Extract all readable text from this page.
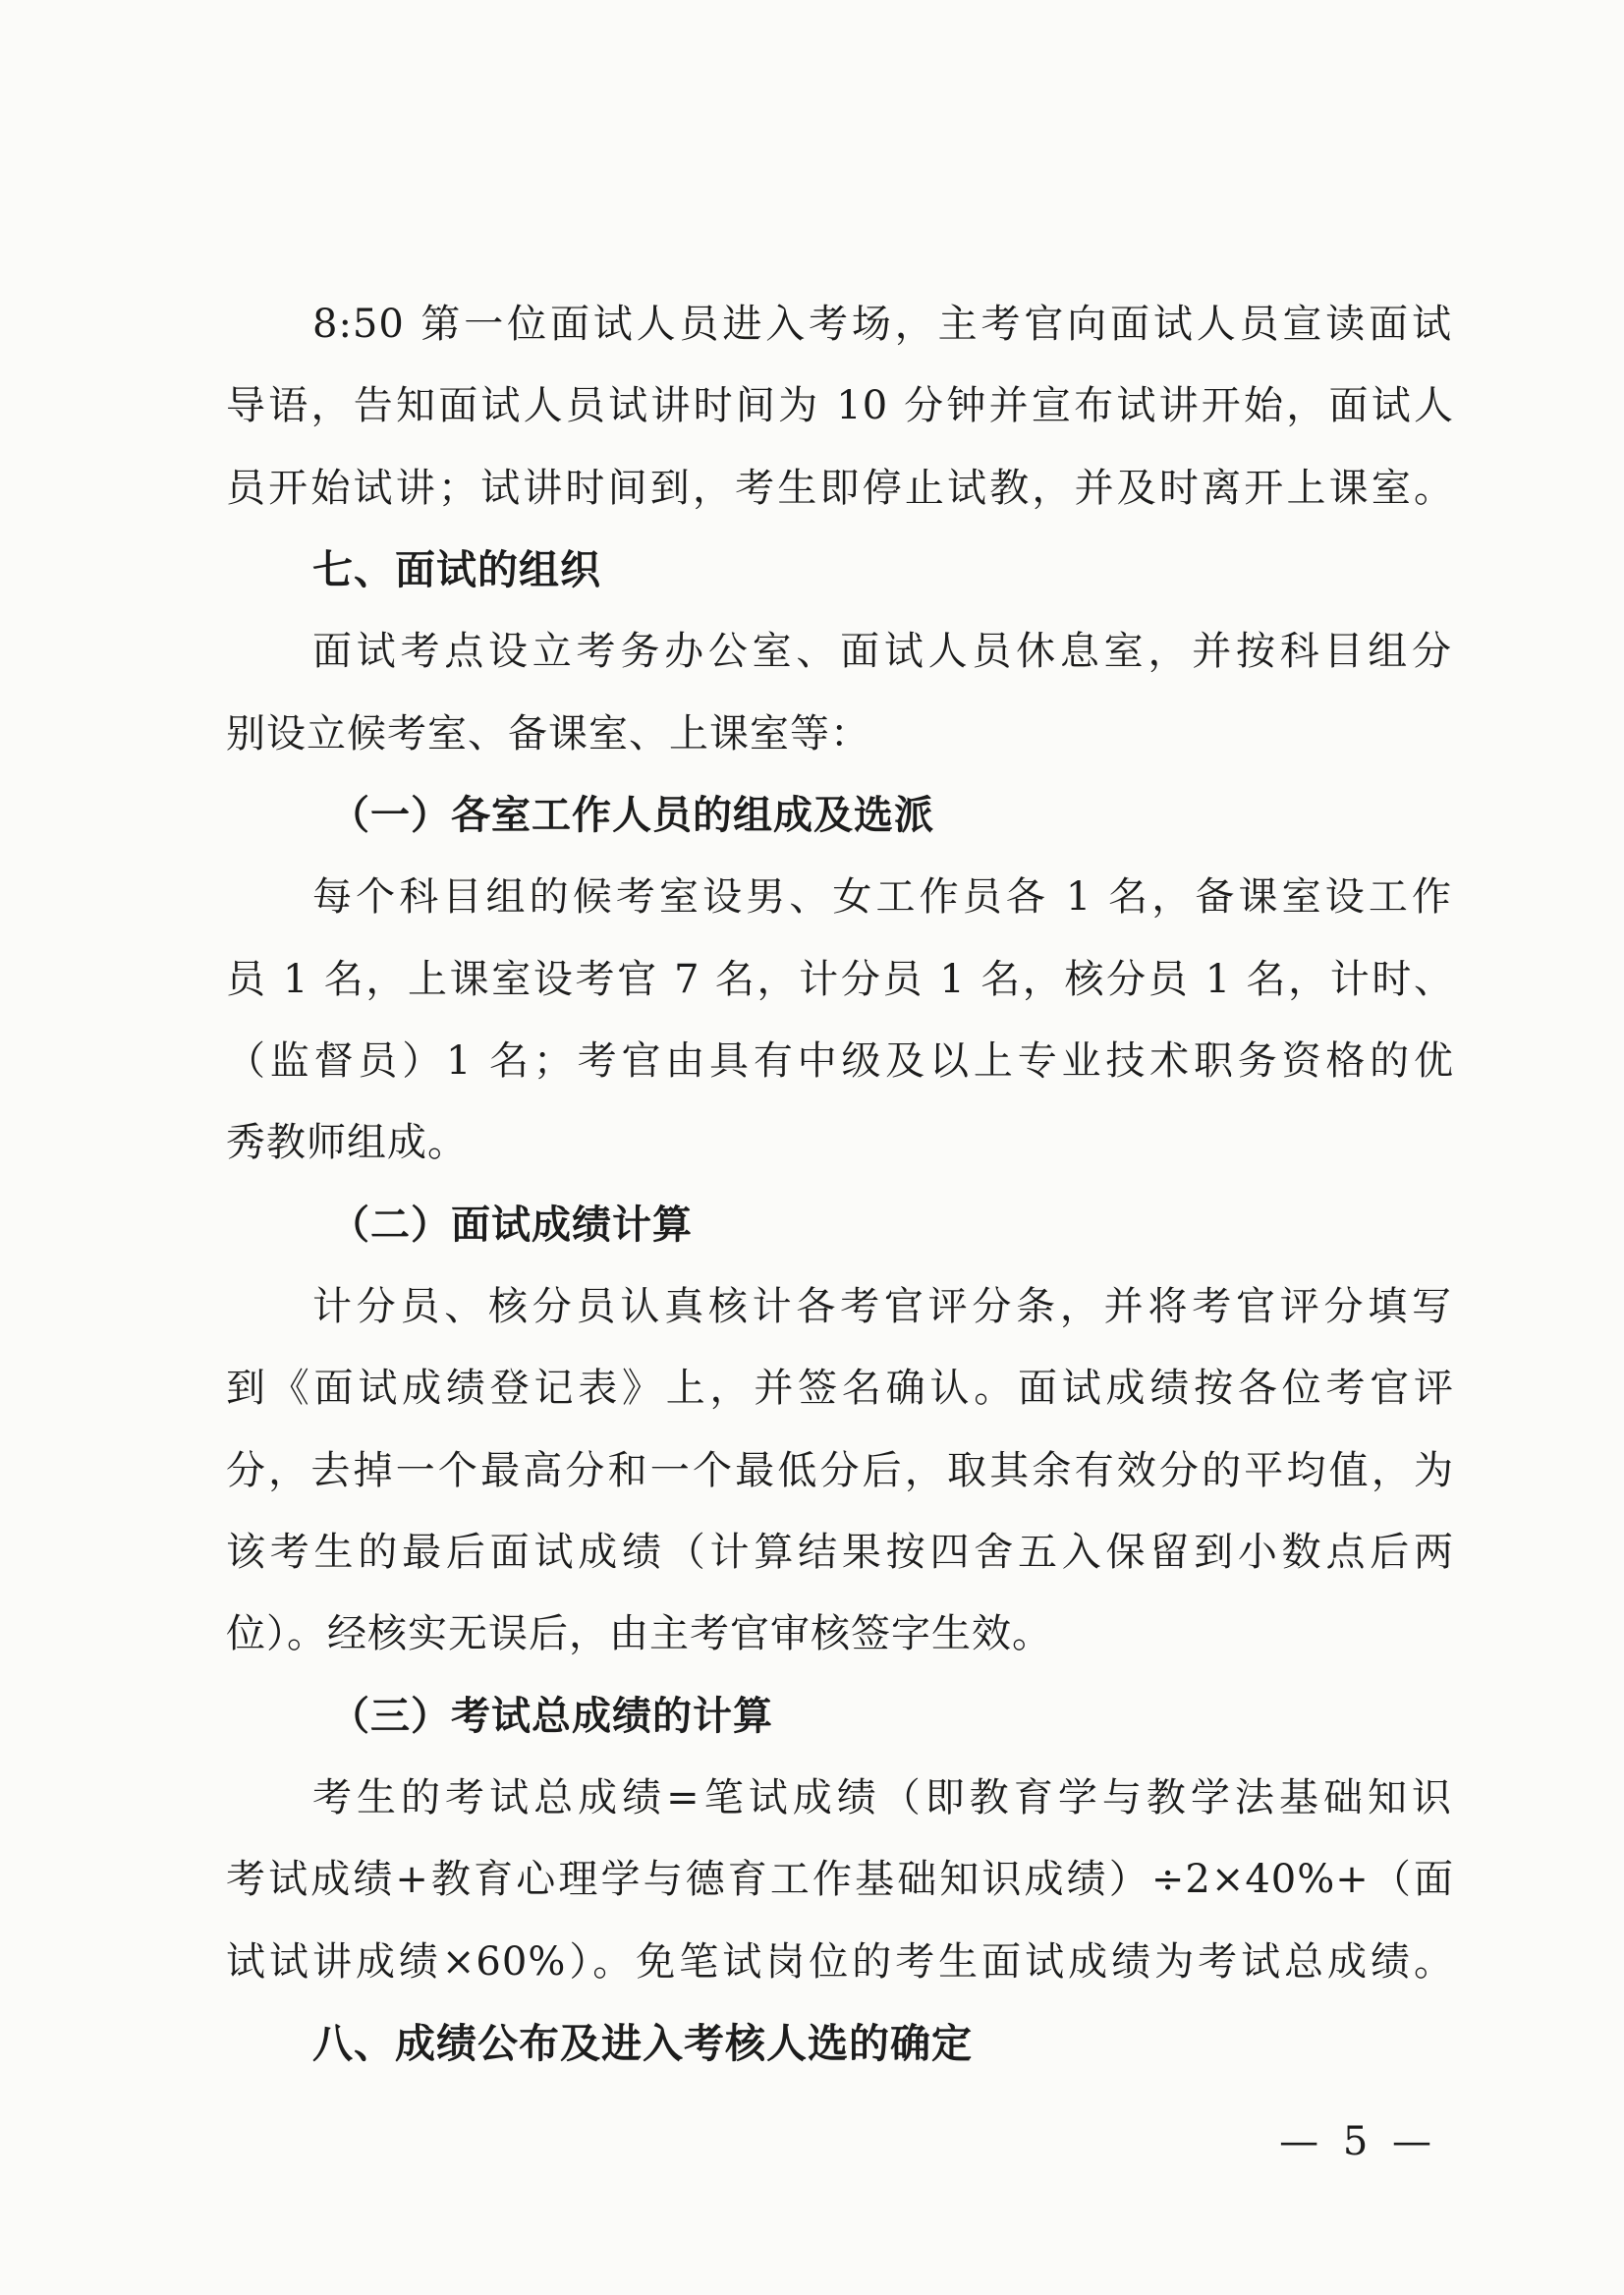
8:50 第一位面试人员进入考场，主考官向面试人员宣读面试
导语，告知面试人员试讲时间为 10 分钟并宣布试讲开始，面试人
员开始试讲；试讲时间到，考生即停止试教，并及时离开上课室。
七、面试的组织
面试考点设立考务办公室、面试人员休息室，并按科目组分
别设立候考室、备课室、上课室等：
（一）各室工作人员的组成及选派
每个科目组的候考室设男、女工作员各 1 名，备课室设工作
员 1 名，上课室设考官 7 名，计分员 1 名，核分员 1 名，计时、
（监督员）1 名；考官由具有中级及以上专业技术职务资格的优
秀教师组成。
（二）面试成绩计算
计分员、核分员认真核计各考官评分条，并将考官评分填写
到《面试成绩登记表》上，并签名确认。面试成绩按各位考官评
分，去掉一个最高分和一个最低分后，取其余有效分的平均值，为
该考生的最后面试成绩（计算结果按四舍五入保留到小数点后两
位）。经核实无误后，由主考官审核签字生效。
（三）考试总成绩的计算
考生的考试总成绩=笔试成绩（即教育学与教学法基础知识
考试成绩+教育心理学与德育工作基础知识成绩）÷2×40%+（面
试试讲成绩×60%）。免笔试岗位的考生面试成绩为考试总成绩。
八、成绩公布及进入考核人选的确定
— 5 —
